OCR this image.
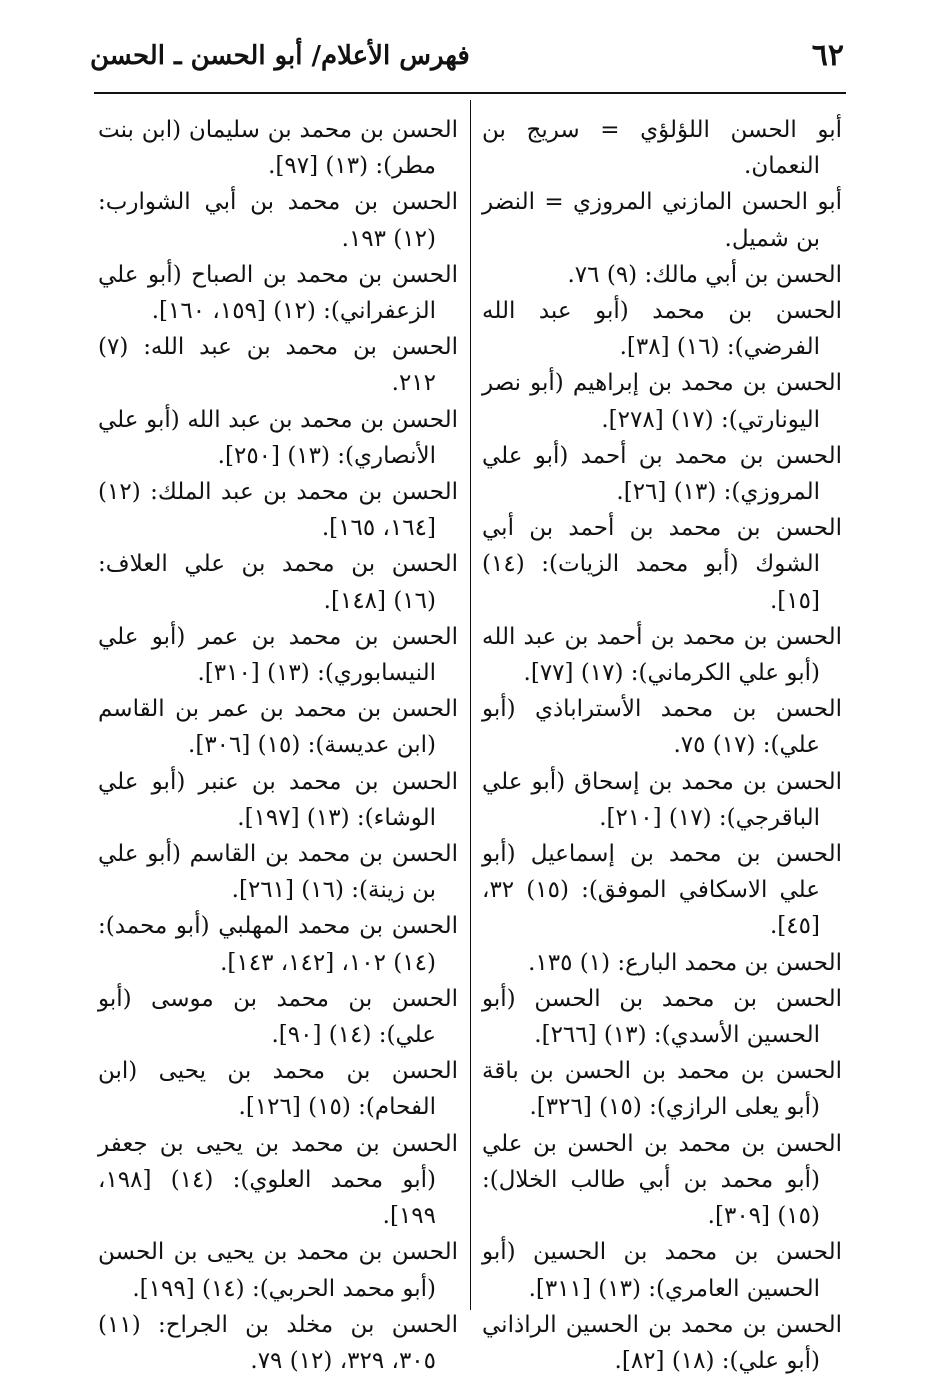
٦٢
فهرس الأعلام/ أبو الحسن ـ الحسن

أبو الحسن اللؤلؤي = سريج بن النعمان.

أبو الحسن المازني المروزي = النضر بن شميل.

الحسن بن أبي مالك: (٩) ٧٦.

الحسن بن محمد (أبو عبد الله الفرضي): (١٦) [٣٨].

الحسن بن محمد بن إبراهيم (أبو نصر اليونارتي): (١٧) [٢٧٨].

الحسن بن محمد بن أحمد (أبو علي المروزي): (١٣) [٢٦].

الحسن بن محمد بن أحمد بن أبي الشوك (أبو محمد الزيات): (١٤) [١٥].

الحسن بن محمد بن أحمد بن عبد الله (أبو علي الكرماني): (١٧) [٧٧].

الحسن بن محمد الأستراباذي (أبو علي): (١٧) ٧٥.

الحسن بن محمد بن إسحاق (أبو علي الباقرجي): (١٧) [٢١٠].

الحسن بن محمد بن إسماعيل (أبو علي الاسكافي الموفق): (١٥) ٣٢، [٤٥].

الحسن بن محمد البارع: (١) ١٣٥.

الحسن بن محمد بن الحسن (أبو الحسين الأسدي): (١٣) [٢٦٦].

الحسن بن محمد بن الحسن بن باقة (أبو يعلى الرازي): (١٥) [٣٢٦].

الحسن بن محمد بن الحسن بن علي (أبو محمد بن أبي طالب الخلال): (١٥) [٣٠٩].

الحسن بن محمد بن الحسين (أبو الحسين العامري): (١٣) [٣١١].

الحسن بن محمد بن الحسين الراذاني (أبو علي): (١٨) [٨٢].

الحسن بن محمد بن سليمان (ابن بنت مطر): (١٣) [٩٧].

الحسن بن محمد بن أبي الشوارب: (١٢) ١٩٣.

الحسن بن محمد بن الصباح (أبو علي الزعفراني): (١٢) [١٥٩، ١٦٠].

الحسن بن محمد بن عبد الله: (٧) ٢١٢.

الحسن بن محمد بن عبد الله (أبو علي الأنصاري): (١٣) [٢٥٠].

الحسن بن محمد بن عبد الملك: (١٢) [١٦٤، ١٦٥].

الحسن بن محمد بن علي العلاف: (١٦) [١٤٨].

الحسن بن محمد بن عمر (أبو علي النيسابوري): (١٣) [٣١٠].

الحسن بن محمد بن عمر بن القاسم (ابن عديسة): (١٥) [٣٠٦].

الحسن بن محمد بن عنبر (أبو علي الوشاء): (١٣) [١٩٧].

الحسن بن محمد بن القاسم (أبو علي بن زينة): (١٦) [٢٦١].

الحسن بن محمد المهلبي (أبو محمد): (١٤) ١٠٢، [١٤٢، ١٤٣].

الحسن بن محمد بن موسى (أبو علي): (١٤) [٩٠].

الحسن بن محمد بن يحيى (ابن الفحام): (١٥) [١٢٦].

الحسن بن محمد بن يحيى بن جعفر (أبو محمد العلوي): (١٤) [١٩٨، ١٩٩].

الحسن بن محمد بن يحيى بن الحسن (أبو محمد الحربي): (١٤) [١٩٩].

الحسن بن مخلد بن الجراح: (١١) ٣٠٥، ٣٢٩، (١٢) ٧٩.
